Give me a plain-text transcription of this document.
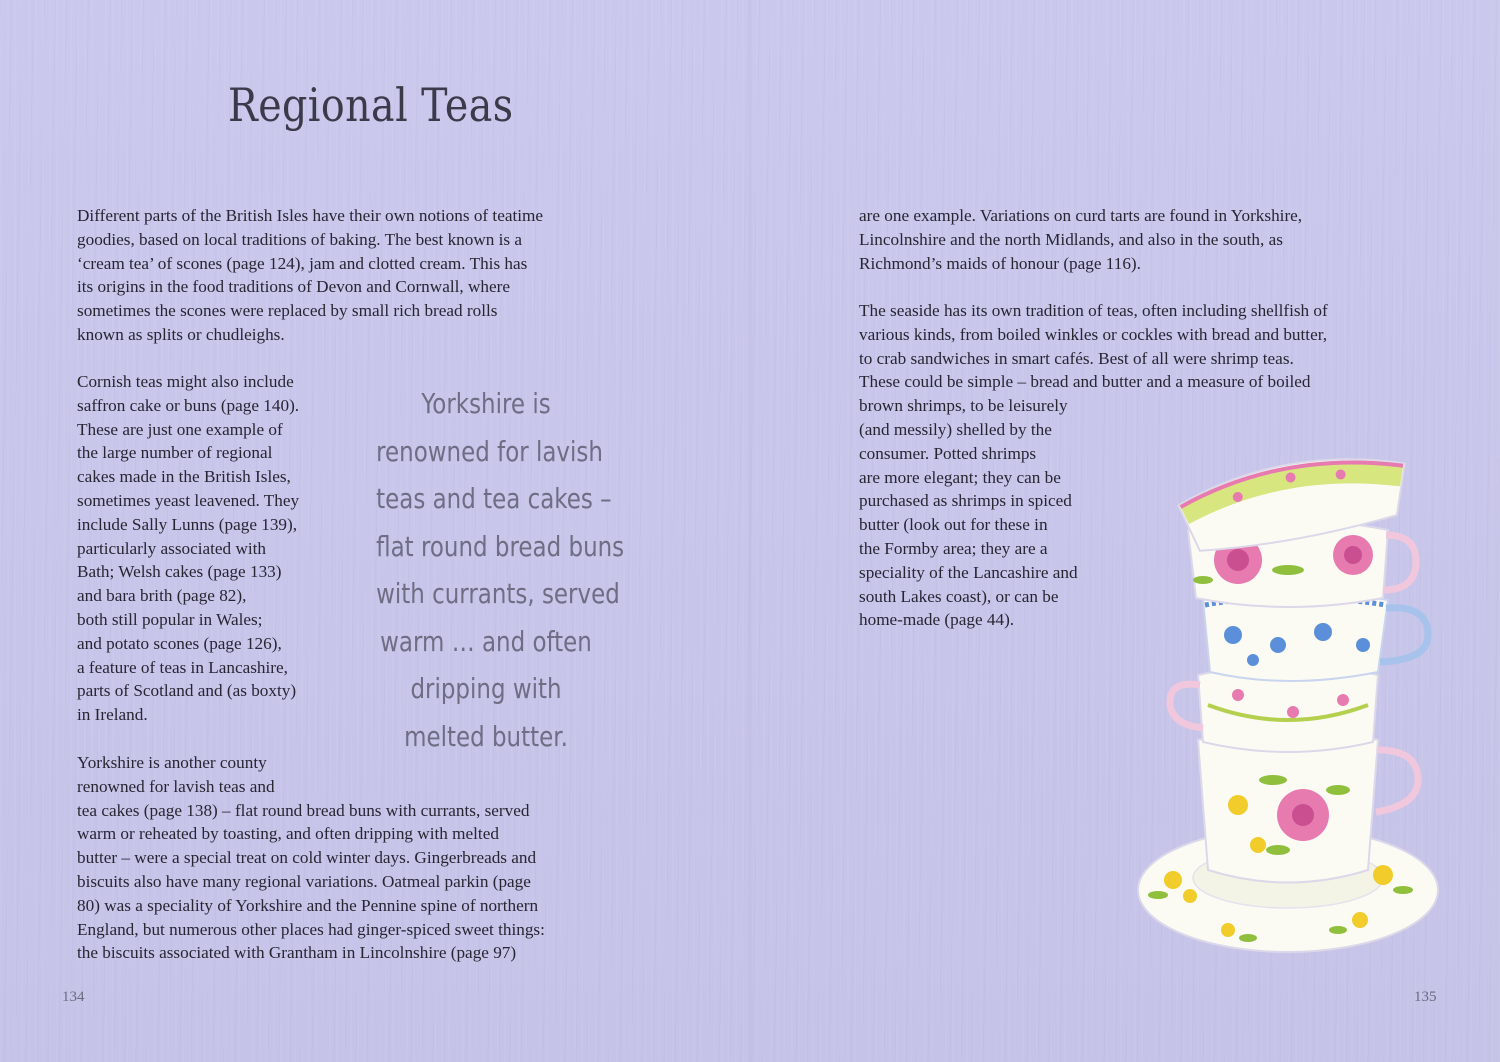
Regional Teas
Different parts of the British Isles have their own notions of teatime
goodies, based on local traditions of baking. The best known is a
‘cream tea’ of scones (page 124), jam and clotted cream. This has
its origins in the food traditions of Devon and Cornwall, where
sometimes the scones were replaced by small rich bread rolls
known as splits or chudleighs.
Cornish teas might also include
saffron cake or buns (page 140).
These are just one example of
the large number of regional
cakes made in the British Isles,
sometimes yeast leavened. They
include Sally Lunns (page 139),
particularly associated with
Bath; Welsh cakes (page 133)
and bara brith (page 82),
both still popular in Wales;
and potato scones (page 126),
a feature of teas in Lancashire,
parts of Scotland and (as boxty)
in Ireland.
Yorkshire is another county
renowned for lavish teas and
tea cakes (page 138) – flat round bread buns with currants, served
warm or reheated by toasting, and often dripping with melted
butter – were a special treat on cold winter days. Gingerbreads and
biscuits also have many regional variations. Oatmeal parkin (page
80) was a speciality of Yorkshire and the Pennine spine of northern
England, but numerous other places had ginger-spiced sweet things:
the biscuits associated with Grantham in Lincolnshire (page 97)
Yorkshire is
renowned for lavish
teas and tea cakes –
flat round bread buns
with currants, served
warm … and often
dripping with
melted butter.
are one example. Variations on curd tarts are found in Yorkshire,
Lincolnshire and the north Midlands, and also in the south, as
Richmond’s maids of honour (page 116).
The seaside has its own tradition of teas, often including shellfish of
various kinds, from boiled winkles or cockles with bread and butter,
to crab sandwiches in smart cafés. Best of all were shrimp teas.
These could be simple – bread and butter and a measure of boiled
brown shrimps, to be leisurely
(and messily) shelled by the
consumer. Potted shrimps
are more elegant; they can be
purchased as shrimps in spiced
butter (look out for these in
the Formby area; they are a
speciality of the Lancashire and
south Lakes coast), or can be
home-made (page 44).
134	135
